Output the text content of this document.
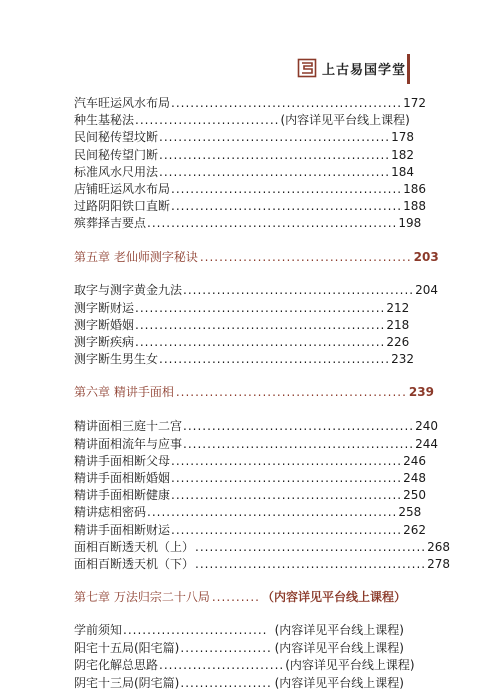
上古易国学堂
汽车旺运风水布局 ................................................ 172
种生基秘法 .............................. (内容详见平台线上课程)
民间秘传望坟断 ................................................ 178
民间秘传望门断 ................................................ 182
标准风水尺用法 ................................................ 184
店铺旺运风水布局 ................................................ 186
过路阴阳铁口直断 ................................................ 188
殡葬择吉要点 .................................................... 198
第五章 老仙师测字秘诀 ............................................ 203
取字与测字黄金九法 ................................................ 204
测字断财运 .................................................... 212
测字断婚姻 .................................................... 218
测字断疾病 .................................................... 226
测字断生男生女 ................................................ 232
第六章 精讲手面相 ................................................ 239
精讲面相三庭十二宫 ................................................ 240
精讲面相流年与应事 ................................................ 244
精讲手面相断父母 ................................................ 246
精讲手面相断婚姻 ................................................ 248
精讲手面相断健康 ................................................ 250
精讲痣相密码 .................................................... 258
精讲手面相断财运 ................................................ 262
面相百断透天机（上） ................................................ 268
面相百断透天机（下） ................................................ 278
第七章 万法归宗二十八局 .......... （内容详见平台线上课程）
学前须知 .............................. (内容详见平台线上课程)
阳宅十五局(阳宅篇) ................... (内容详见平台线上课程)
阴宅化解总思路 .......................... (内容详见平台线上课程)
阴宅十三局(阴宅篇) ................... (内容详见平台线上课程)
